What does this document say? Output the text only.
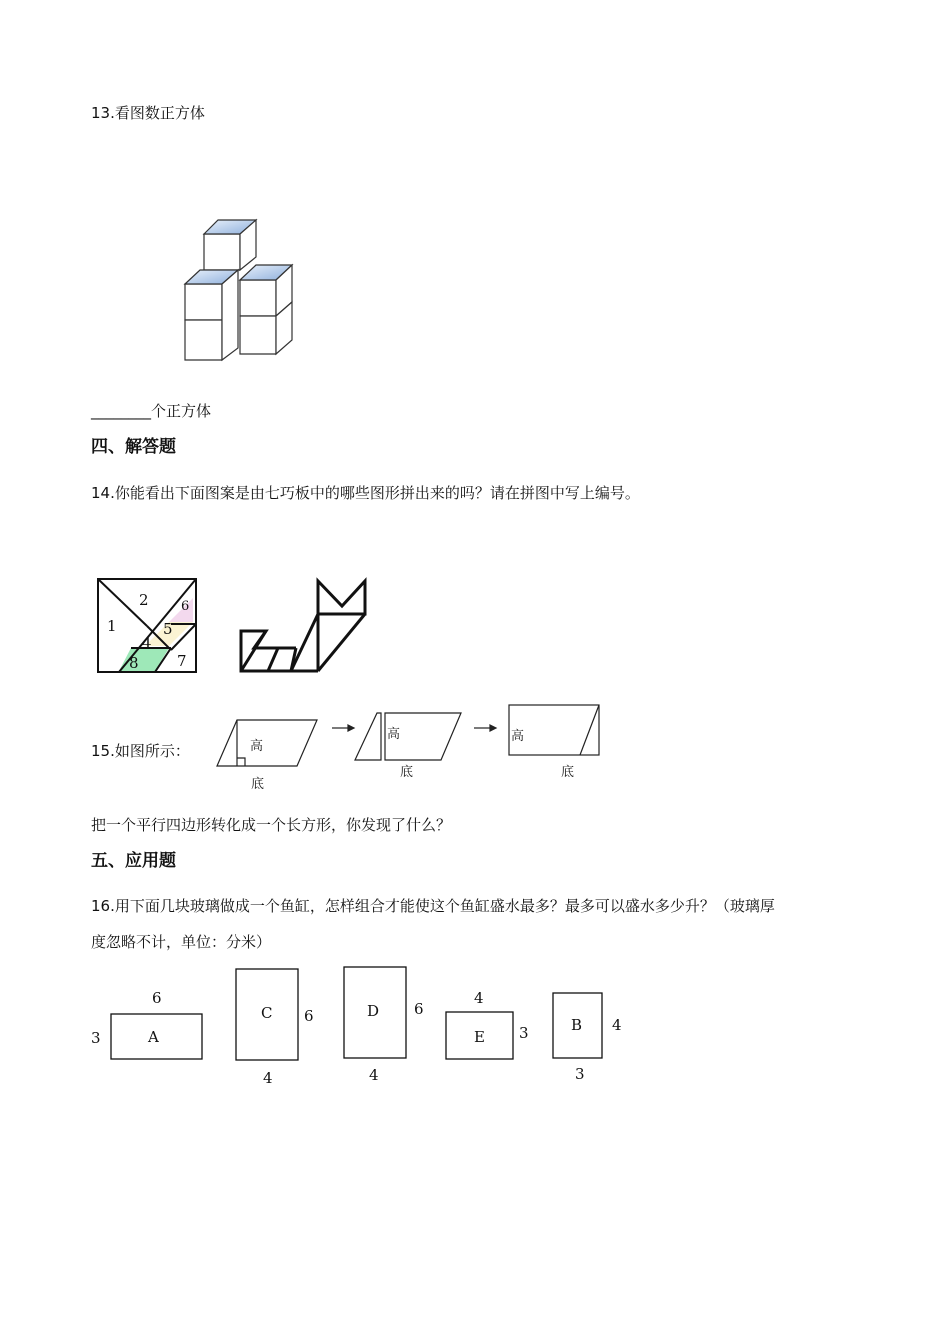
13.看图数正方体
________个正方体
四、解答题
14.你能看出下面图案是由七巧板中的哪些图形拼出来的吗？请在拼图中写上编号。
1
2 6
5
4
8	7
15.如图所示：	高
底
高
底
高
底
把一个平行四边形转化成一个长方形，你发现了什么？
五、应用题
16.用下面几块玻璃做成一个鱼缸，怎样组合才能使这个鱼缸盛水最多？最多可以盛水多少升？（玻璃厚
度忽略不计，单位：分米）
A
6
3
C 6
4
D 6
4
E
4
3	B 4
3
